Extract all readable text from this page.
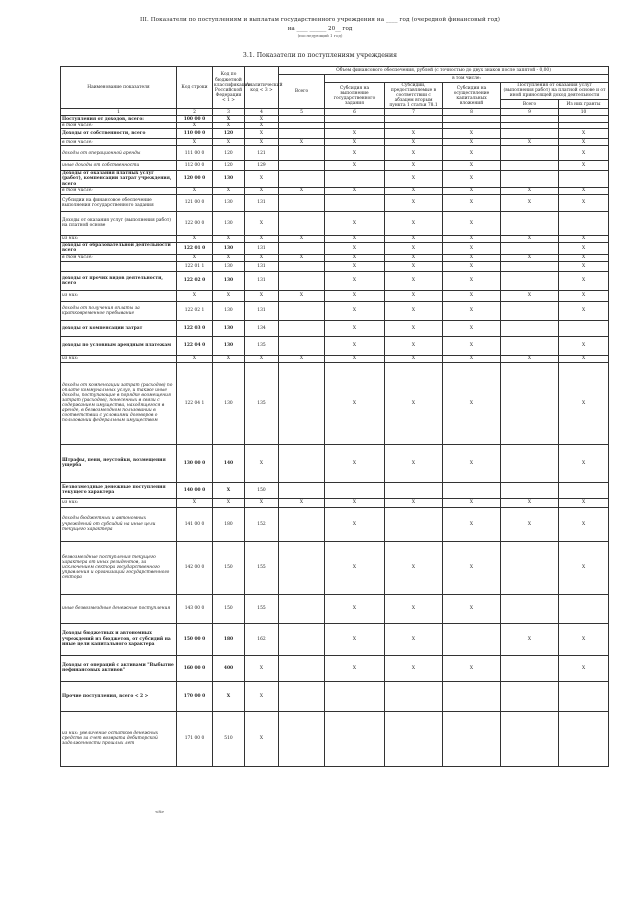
III. Показатели по поступлениям и выплатам государственного учреждения на ____ год (очередной финансовый год)
на ____ ______ 20__ год
(последующий 1 год)
3.1. Показатели по поступлениям учреждения
Наименование показателя	Код строки	Код по бюджетной классификации Российской Федерации < 1 >	Аналитический код < 3 >	Объем финансового обеспечения, рублей (с точностью до двух знаков после запятой - 0,00)					
				Всего	в том числе:				
					Субсидия на выполнение государственного задания	Субсидии, предоставляемые в соответствии с абзацем вторым пункта 1 статьи 78.1	Субсидии на осуществление капитальных вложений	Поступления от оказания услуг (выполнения работ) на платной основе и от иной приносящей доход деятельности	
								Всего	Из них гранты
1	2	3	4	5	6	7	8	9	10
Поступления от доходов, всего:	100 00 0	X	X						
в том числе:	X	X	X						
Доходы от собственности, всего	110 00 0	120	X		X	X	X		X
в том числе:	X	X	X	X	X	X	X	X	X
доходы от операционной аренды	111 00 0	120	121		X	X	X		X
иные доходы от собственности	112 00 0	120	129		X	X	X		X
Доходы от оказания платных услуг (работ), компенсации затрат учреждения, всего	120 00 0	130	X			X	X		
в том числе:	X	X	X	X	X	X	X	X	X
Субсидии на финансовое обеспечение выполнения государственного задания	121 00 0	130	131			X	X	X	X
Доходы от оказания услуг (выполнения работ) на платной основе	122 00 0	130	X		X	X	X		
из них:	X	X	X	X	X	X	X	X	X
доходы от образовательной деятельности всего	122 01 0	130	131		X	X	X		X
в том числе:	X	X	X	X	X	X	X	X	X
	122 01 1	130	131		X	X	X		X
доходы от прочих видов деятельности, всего	122 02 0	130	131		X	X	X		X
из них:	X	X	X	X	X	X	X	X	X
доходы от получения оплаты за кратковременное пребывание	122 02 1	130	131		X	X	X		X
доходы от компенсации затрат	122 03 0	130	134		X	X	X		
доходы по условным арендным платежам	122 04 0	130	135		X	X	X		X
из них:	X	X	X	X	X	X	X	X	X
доходы от компенсации затрат (расходов) по оплате коммунальных услуг, и также иные доходы, поступающие в порядке возмещения затрат (расходов), понесенных в связи с содержанием имущества, находящегося в аренде, в безвозмездном пользовании в соответствии с условиями договоров о пользовании федеральным имуществом	122 04 1	130	135		X	X	X		X
Штрафы, пени, неустойки, возмещения ущерба	130 00 0	140	X		X	X	X		X
Безвозмездные денежные поступления текущего характера	140 00 0	X	150						
из них:	X	X	X	X	X	X	X	X	X
доходы бюджетных и автономных учреждений от субсидий на иные цели текущего характера	141 00 0	180	152		X		X	X	X
безвозмездные поступления текущего характера от иных резидентов, за исключением сектора государственного управления и организаций государственного сектора	142 00 0	150	155		X	X	X		X
иные безвозмездные денежные поступления	143 00 0	150	155		X	X	X		
Доходы бюджетных и автономных учреждений из бюджетов, от субсидий на иные цели капитального характера	150 00 0	180	162		X	X		X	X
Доходы от операций с активами "Выбытие нефинансовых активов"	160 00 0	400	X		X	X	X		X
Прочие поступления, всего < 2 >	170 00 0	X	X						
из них: увеличение остатков денежных средств за счет возврата дебиторской задолженности прошлых лет	171 00 0	510	X						
<8>
